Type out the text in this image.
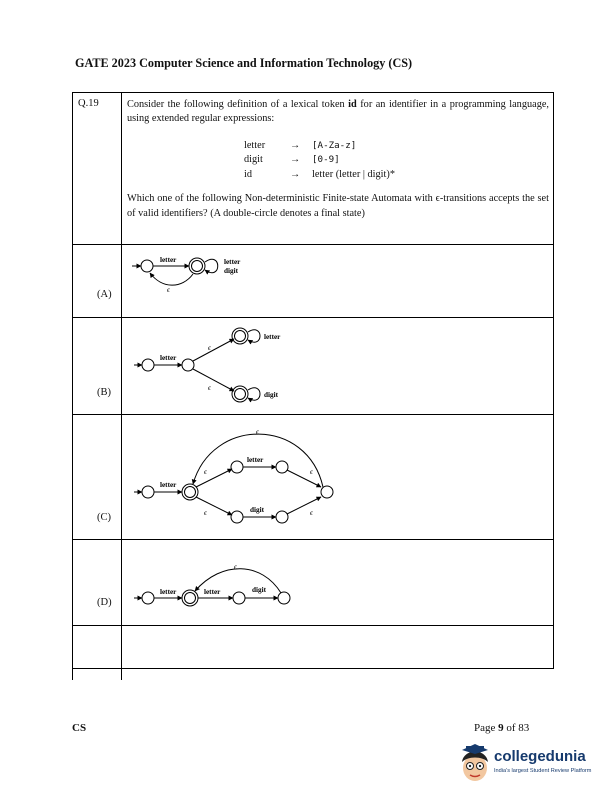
GATE 2023 Computer Science and Information Technology (CS)
Q.19	Consider the following definition of a lexical token id for an identifier in a programming language, using extended regular expressions:

letter	→	[A-Za-z]
digit	→	[0-9]
id	→	letter (letter | digit)*

Which one of the following Non-deterministic Finite-state Automata with ϵ-transitions accepts the set of valid identifiers? (A double-circle denotes a final state)

(A)
(B)
(C)
(D)
letter	letter
digit
ϵ
letter
ϵ
ϵ
letter
digit
ϵ
letter
letter
digit
ϵ
ϵ
ϵ
ϵ
ϵ
letter	letter	digit
CS	Page 9 of 83
collegedunia
India's largest Student Review Platform
